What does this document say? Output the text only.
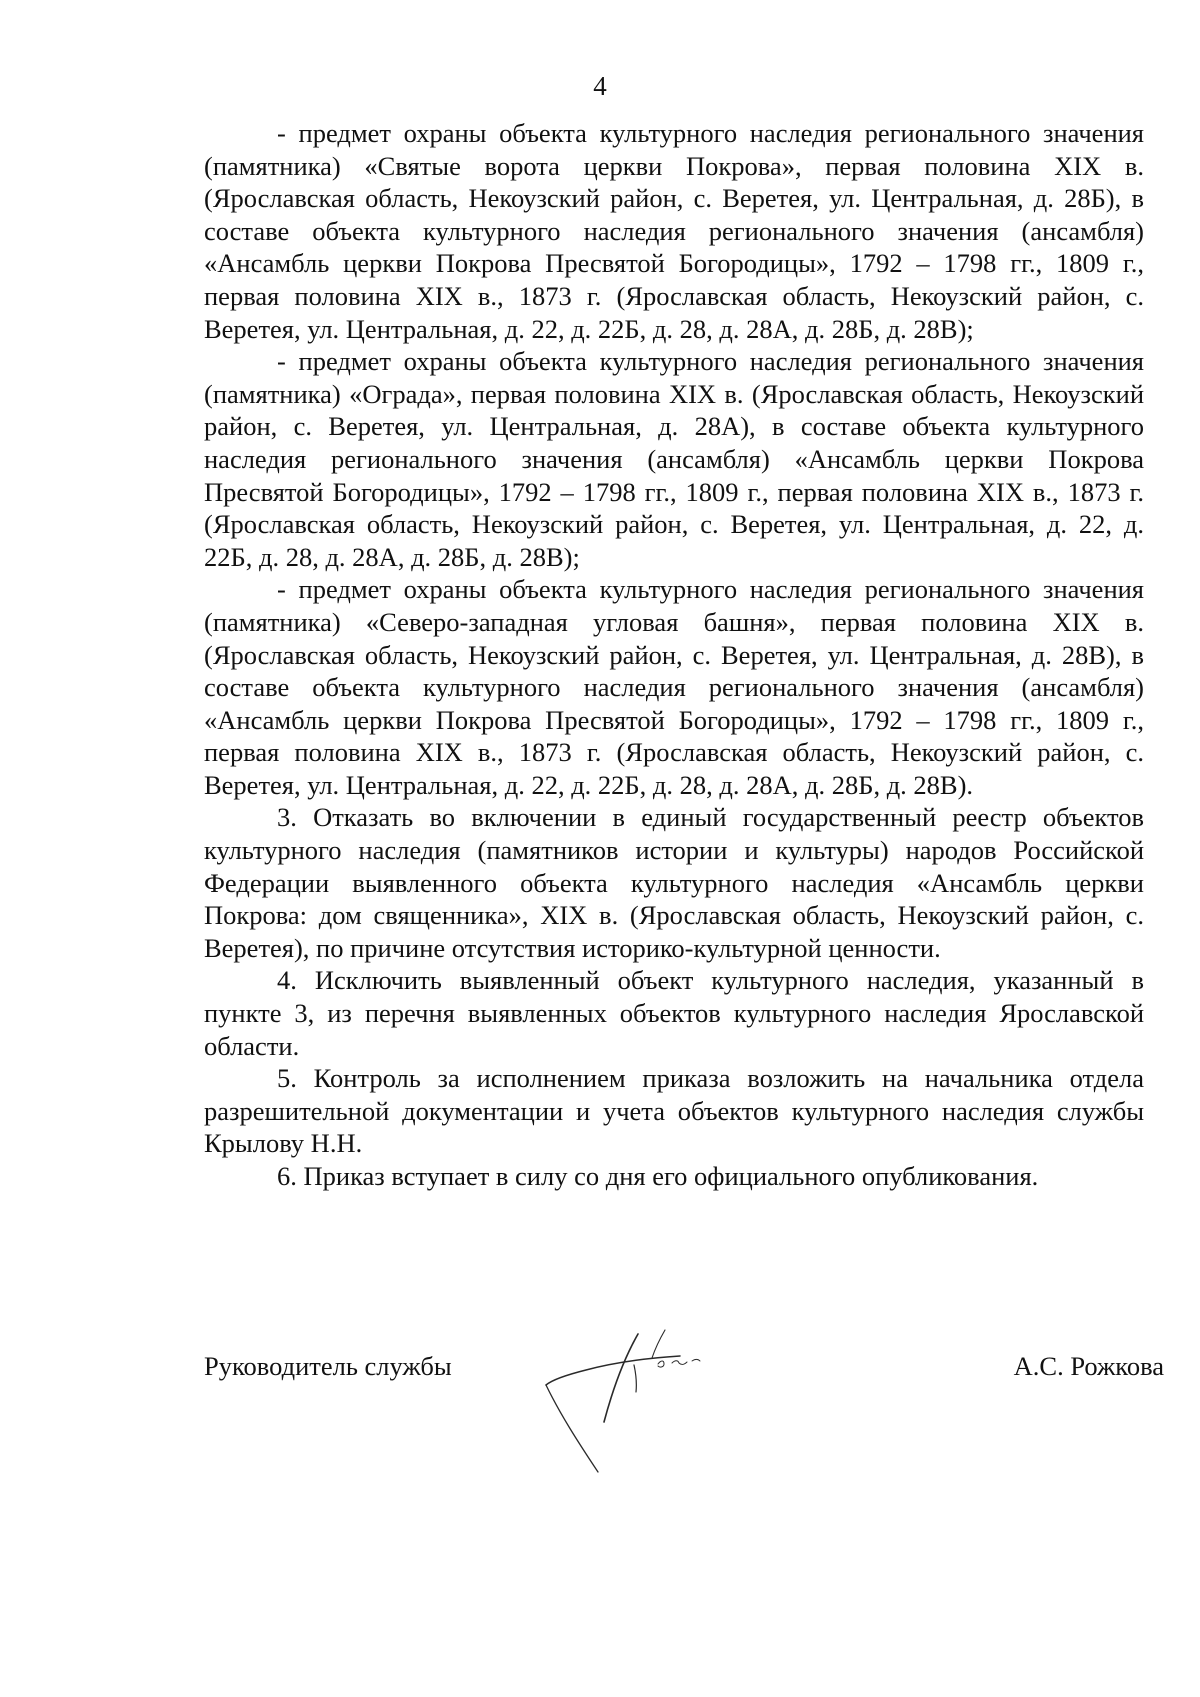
4

- предмет охраны объекта культурного наследия регионального значения (памятника) «Святые ворота церкви Покрова», первая половина XIX в. (Ярославская область, Некоузский район, с. Веретея, ул. Центральная, д. 28Б), в составе объекта культурного наследия регионального значения (ансамбля) «Ансамбль церкви Покрова Пресвятой Богородицы», 1792 – 1798 гг., 1809 г., первая половина XIX в., 1873 г. (Ярославская область, Некоузский район, с. Веретея, ул. Центральная, д. 22, д. 22Б, д. 28, д. 28А, д. 28Б, д. 28В);

- предмет охраны объекта культурного наследия регионального значения (памятника) «Ограда», первая половина XIX в. (Ярославская область, Некоузский район, с. Веретея, ул. Центральная, д. 28А), в составе объекта культурного наследия регионального значения (ансамбля) «Ансамбль церкви Покрова Пресвятой Богородицы», 1792 – 1798 гг., 1809 г., первая половина XIX в., 1873 г. (Ярославская область, Некоузский район, с. Веретея, ул. Центральная, д. 22, д. 22Б, д. 28, д. 28А, д. 28Б, д. 28В);

- предмет охраны объекта культурного наследия регионального значения (памятника) «Северо-западная угловая башня», первая половина XIX в. (Ярославская область, Некоузский район, с. Веретея, ул. Центральная, д. 28В), в составе объекта культурного наследия регионального значения (ансамбля) «Ансамбль церкви Покрова Пресвятой Богородицы», 1792 – 1798 гг., 1809 г., первая половина XIX в., 1873 г. (Ярославская область, Некоузский район, с. Веретея, ул. Центральная, д. 22, д. 22Б, д. 28, д. 28А, д. 28Б, д. 28В).

3. Отказать во включении в единый государственный реестр объектов культурного наследия (памятников истории и культуры) народов Российской Федерации выявленного объекта культурного наследия «Ансамбль церкви Покрова: дом священника», XIX в. (Ярославская область, Некоузский район, с. Веретея), по причине отсутствия историко-культурной ценности.

4. Исключить выявленный объект культурного наследия, указанный в пункте 3, из перечня выявленных объектов культурного наследия Ярославской области.

5. Контроль за исполнением приказа возложить на начальника отдела разрешительной документации и учета объектов культурного наследия службы Крылову Н.Н.

6. Приказ вступает в силу со дня его официального опубликования.

Руководитель службы	А.С. Рожкова
